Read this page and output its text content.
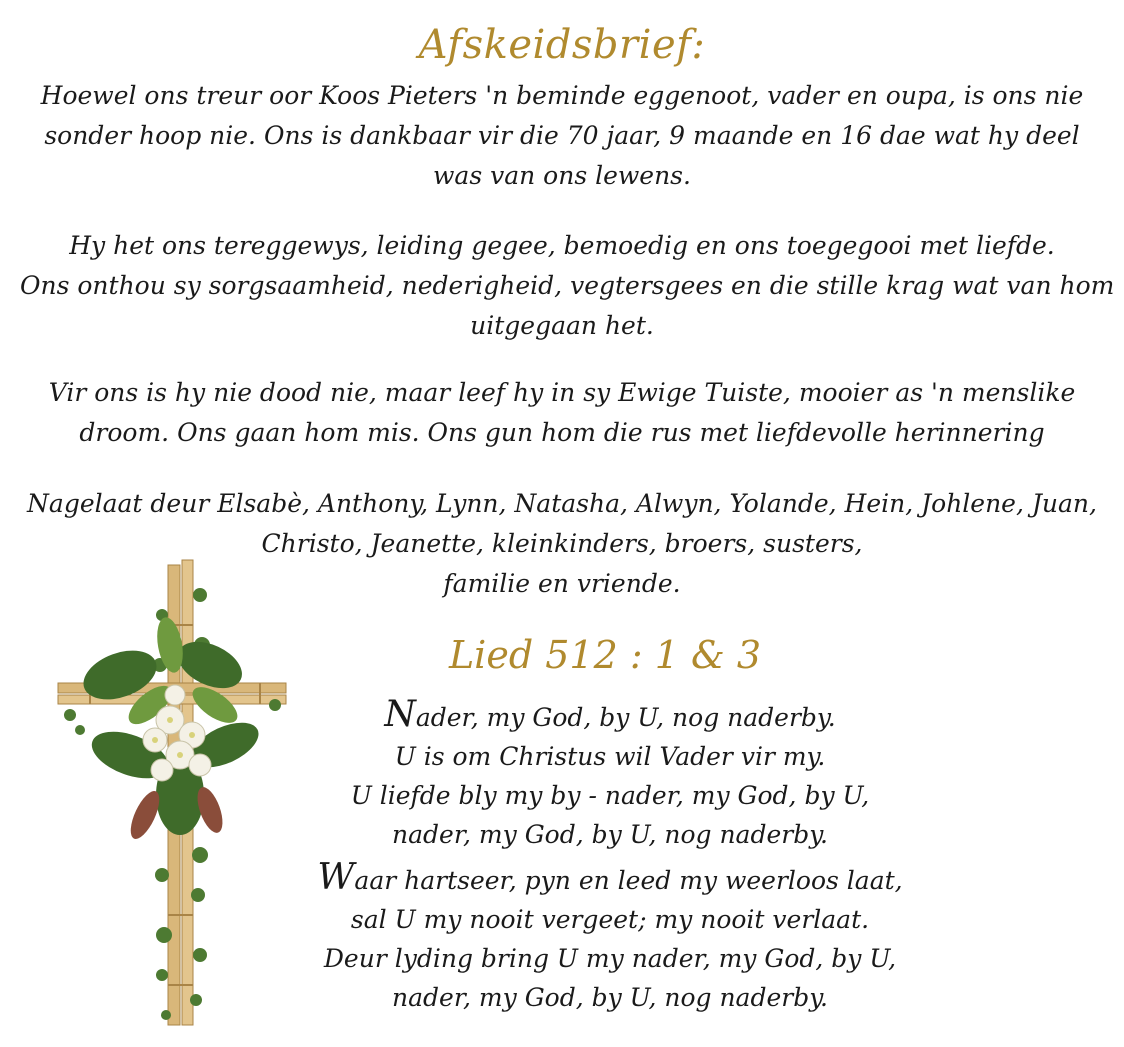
Afskeidsbrief:
Hoewel ons treur oor Koos Pieters 'n beminde eggenoot, vader en oupa, is ons nie
sonder hoop nie. Ons is dankbaar vir die 70 jaar, 9 maande en 16 dae wat hy deel
was van ons lewens.
Hy het ons tereggewys, leiding gegee, bemoedig en ons toegegooi met liefde.
Ons onthou sy sorgsaamheid, nederigheid, vegtersgees en die stille krag wat van hom
uitgegaan het.
Vir ons is hy nie dood nie, maar leef hy in sy Ewige Tuiste, mooier as 'n menslike
droom. Ons gaan hom mis. Ons gun hom die rus met liefdevolle herinnering
Nagelaat deur Elsabè, Anthony, Lynn, Natasha, Alwyn, Yolande, Hein, Johlene, Juan,
Christo, Jeanette, kleinkinders, broers, susters,
familie en vriende.
Lied 512 : 1 & 3
Nader, my God, by U, nog naderby.
U is om Christus wil Vader vir my.
U liefde bly my by - nader, my God, by U,
nader, my God, by U, nog naderby.
Waar hartseer, pyn en leed my weerloos laat,
sal U my nooit vergeet; my nooit verlaat.
Deur lyding bring U my nader, my God, by U,
nader, my God, by U, nog naderby.
